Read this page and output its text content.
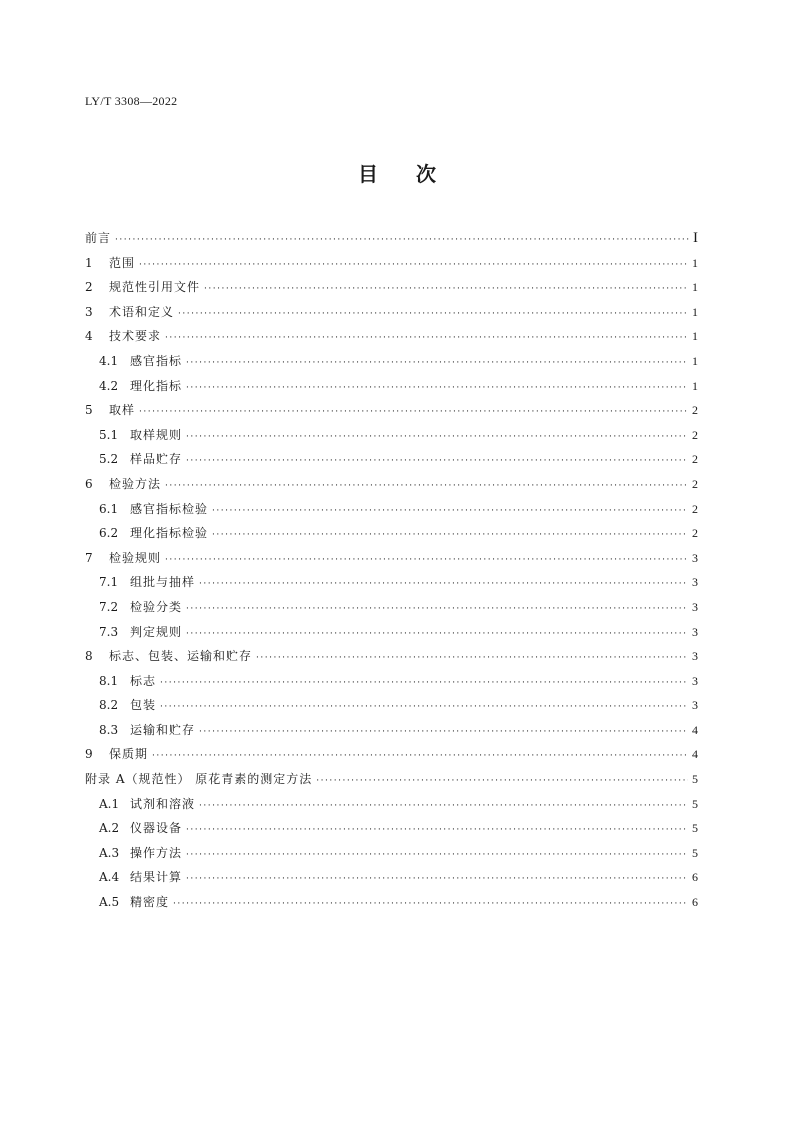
LY/T 3308—2022
目 次
前言 ·····	I
1	范围 ·····	1
2	规范性引用文件 ·····	1
3	术语和定义 ·····	1
4	技术要求 ·····	1
4.1 感官指标 ·····	1
4.2 理化指标 ·····	1
5	取样 ·····	2
5.1 取样规则 ·····	2
5.2 样品贮存 ·····	2
6	检验方法 ·····	2
6.1 感官指标检验 ·····	2
6.2 理化指标检验 ·····	2
7	检验规则 ·····	3
7.1 组批与抽样 ·····	3
7.2 检验分类 ·····	3
7.3 判定规则 ·····	3
8	标志、包装、运输和贮存 ·····	3
8.1 标志 ·····	3
8.2 包装 ·····	3
8.3 运输和贮存 ·····	4
9	保质期 ·····	4
附录 A（规范性） 原花青素的测定方法 ·····	5
A.1 试剂和溶液 ·····	5
A.2 仪器设备 ·····	5
A.3 操作方法 ·····	5
A.4 结果计算 ·····	6
A.5 精密度 ·····	6
